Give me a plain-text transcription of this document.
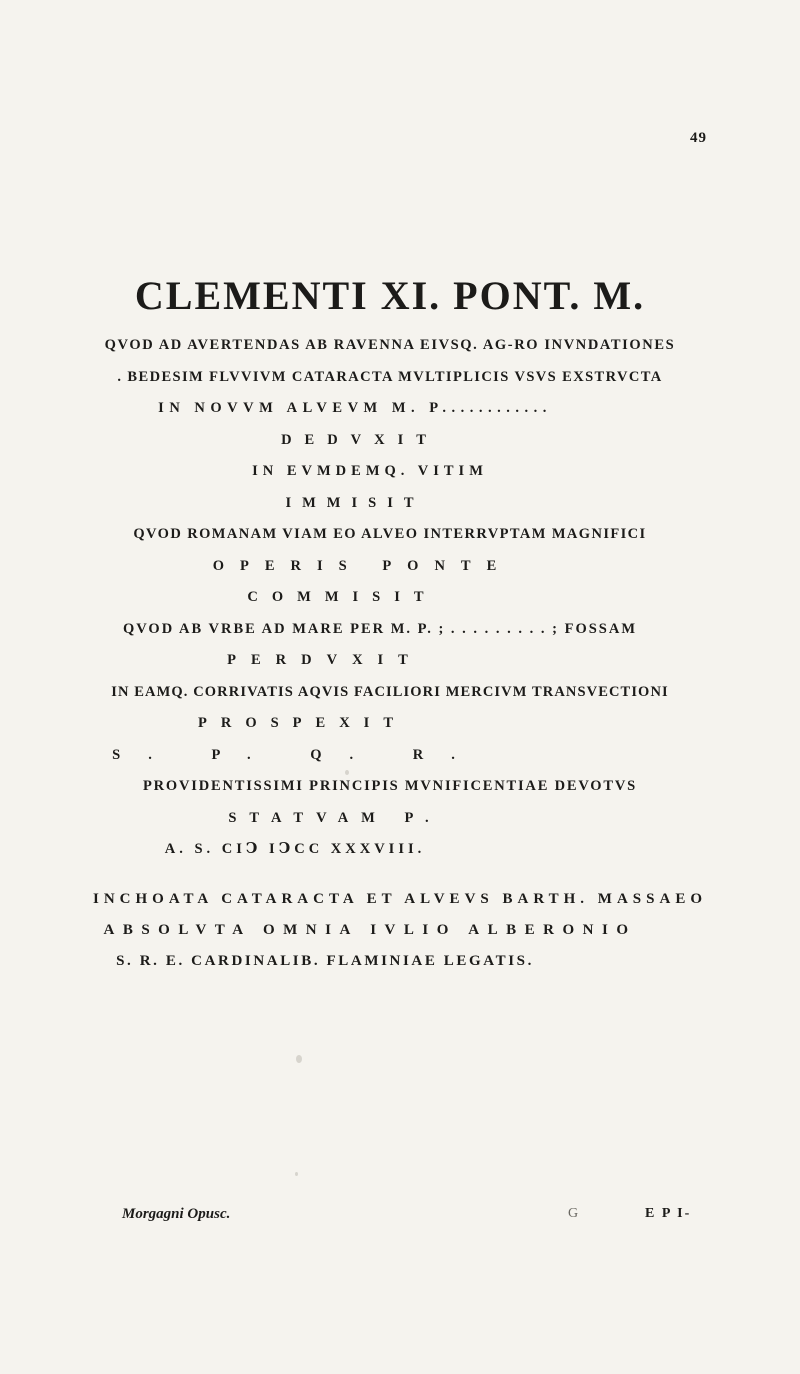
49
CLEMENTI XI. PONT. M.
QVOD AD AVERTENDAS AB RAVENNA EIVSQ. AG-RO INVNDATIONES
. BEDESIM FLVVIVM CATARACTA MVLTIPLICIS VSVS EXSTRVCTA
IN NOVVM ALVEVM M. P............
DEDVXIT
IN EVMDEMQ. VITIM
IMMISIT
QVOD ROMANAM VIAM EO ALVEO INTERRVPTAM MAGNIFICI
OPERIS PONTE
COMMISIT
QVOD AB VRBE AD MARE PER M. P. ; . . . . . . . . . ; FOSSAM
PERDVXIT
IN EAMQ. CORRIVATIS AQVIS FACILIORI MERCIVM TRANSVECTIONI
PROSPEXIT
S. P. Q. R.
PROVIDENTISSIMI PRINCIPIS MVNIFICENTIAE DEVOTVS
STATVAM P.
A. S. CIↃ IↃCC XXXVIII.
INCHOATA CATARACTA ET ALVEVS BARTH. MASSAEO
ABSOLVTA OMNIA IVLIO ALBERONIO
S. R. E. CARDINALIB. FLAMINIAE LEGATIS.
Morgagni Opusc.	G	E P I-
